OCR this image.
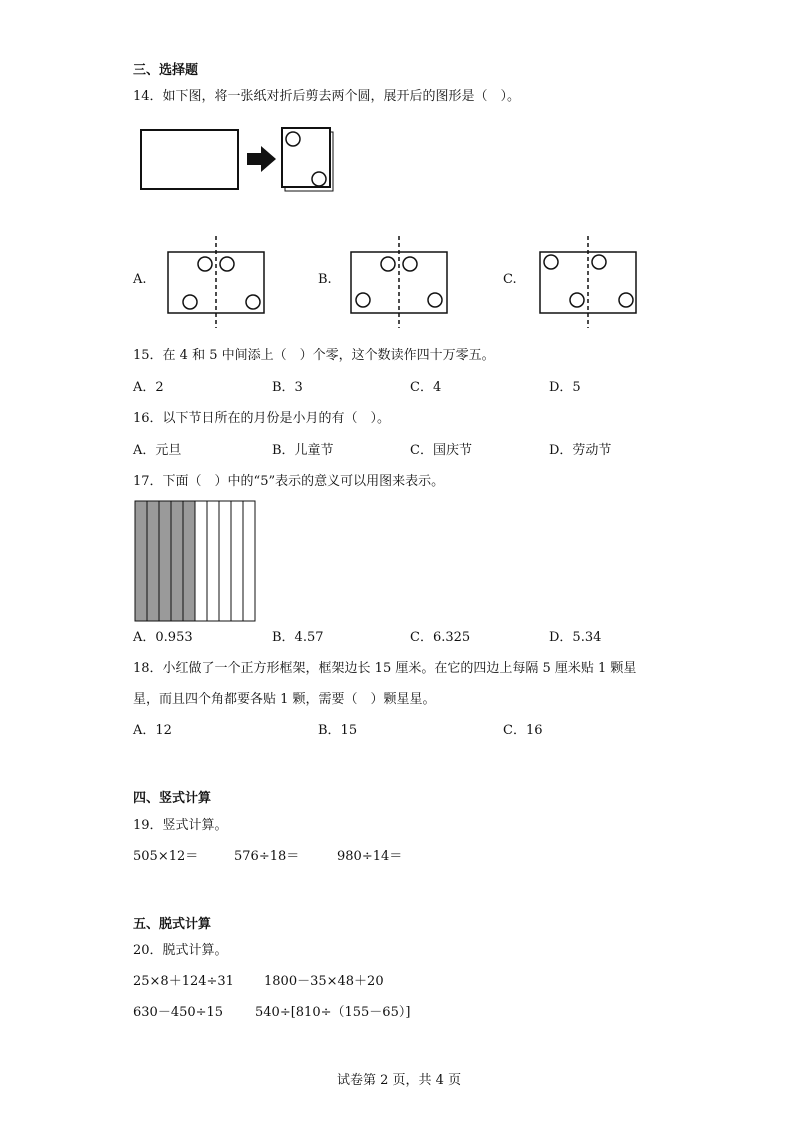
三、选择题
14．如下图，将一张纸对折后剪去两个圆，展开后的图形是（　）。
A.	B.	C.
15．在 4 和 5 中间添上（　）个零，这个数读作四十万零五。
A．2	B．3	C．4	D．5
16．以下节日所在的月份是小月的有（　）。
A．元旦	B．儿童节	C．国庆节	D．劳动节
17．下面（　）中的“5”表示的意义可以用图来表示。
A．0.953	B．4.57	C．6.325	D．5.34
18．小红做了一个正方形框架，框架边长 15 厘米。在它的四边上每隔 5 厘米贴 1 颗星
星，而且四个角都要各贴 1 颗，需要（　）颗星星。
A．12	B．15	C．16
四、竖式计算
19．竖式计算。
505×12＝	576÷18＝	980÷14＝
五、脱式计算
20．脱式计算。
25×8＋124÷31 1800－35×48＋20
630－450÷15 540÷[810÷（155－65）]
试卷第 2 页，共 4 页
